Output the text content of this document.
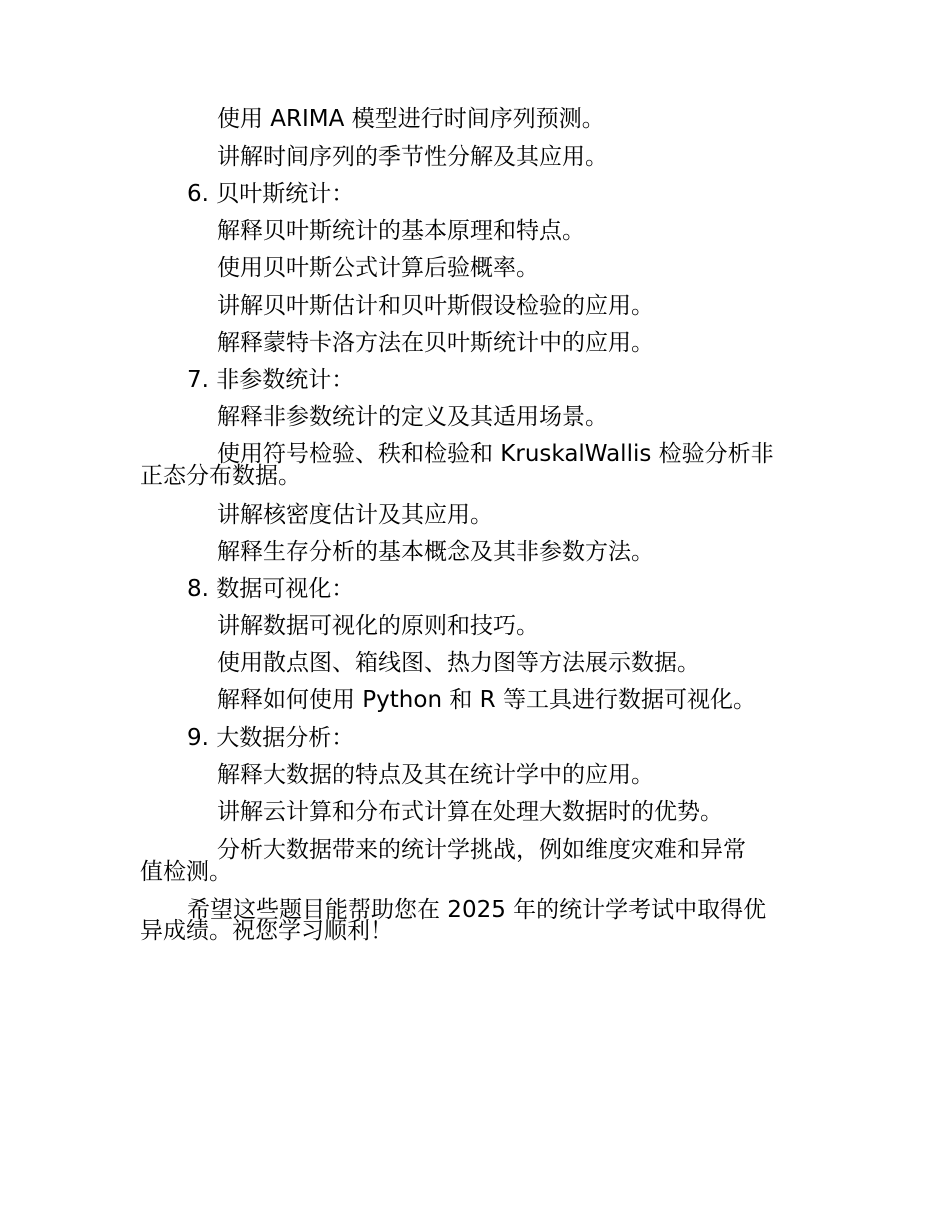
使用 ARIMA 模型进行时间序列预测。
讲解时间序列的季节性分解及其应用。
6. 贝叶斯统计：
解释贝叶斯统计的基本原理和特点。
使用贝叶斯公式计算后验概率。
讲解贝叶斯估计和贝叶斯假设检验的应用。
解释蒙特卡洛方法在贝叶斯统计中的应用。
7. 非参数统计：
解释非参数统计的定义及其适用场景。
使用符号检验、秩和检验和 KruskalWallis 检验分析非
正态分布数据。
讲解核密度估计及其应用。
解释生存分析的基本概念及其非参数方法。
8. 数据可视化：
讲解数据可视化的原则和技巧。
使用散点图、箱线图、热力图等方法展示数据。
解释如何使用 Python 和 R 等工具进行数据可视化。
9. 大数据分析：
解释大数据的特点及其在统计学中的应用。
讲解云计算和分布式计算在处理大数据时的优势。
分析大数据带来的统计学挑战，例如维度灾难和异常
值检测。
希望这些题目能帮助您在 2025 年的统计学考试中取得优
异成绩。祝您学习顺利！
